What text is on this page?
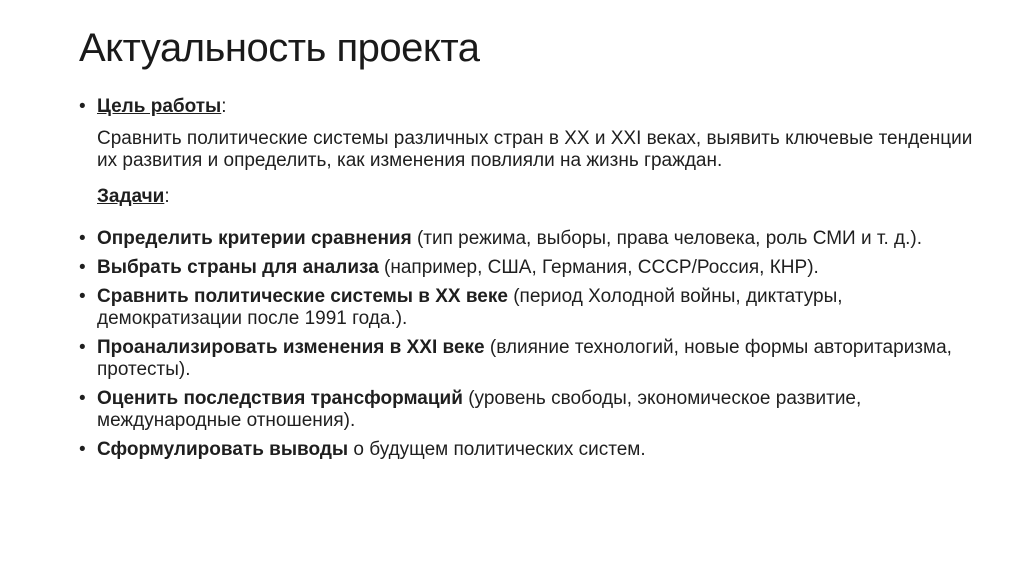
Актуальность проекта
• Цель работы:
Сравнить политические системы различных стран в XX и XXI веках, выявить ключевые тенденции их развития и определить, как изменения повлияли на жизнь граждан.
Задачи:
• Определить критерии сравнения (тип режима, выборы, права человека, роль СМИ и т. д.).
• Выбрать страны для анализа (например, США, Германия, СССР/Россия, КНР).
• Сравнить политические системы в XX веке (период Холодной войны, диктатуры, демократизации после 1991 года.).
• Проанализировать изменения в XXI веке (влияние технологий, новые формы авторитаризма, протесты).
• Оценить последствия трансформаций (уровень свободы, экономическое развитие, международные отношения).
• Сформулировать выводы о будущем политических систем.
